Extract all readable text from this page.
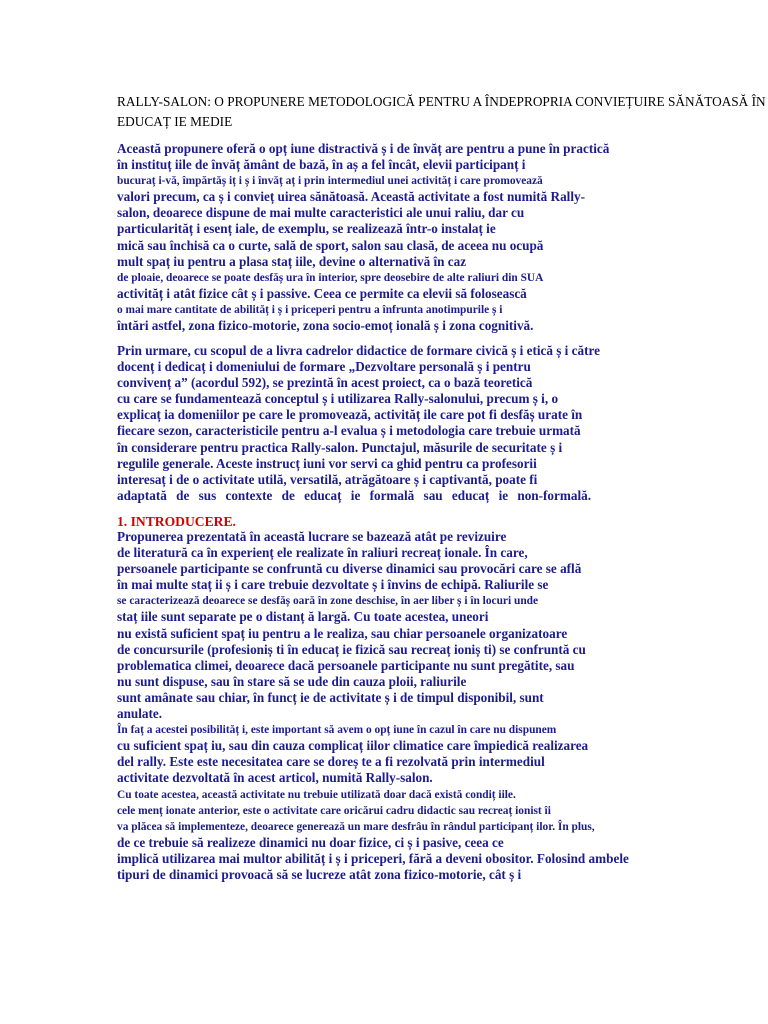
RALLY-SALON: O PROPUNERE METODOLOGICĂ PENTRU A ÎNDEPROPRIA CONVIEȚUIRE SĂNĂTOASĂ ÎN
EDUCAȚ IE MEDIE
Această propunere oferă o opț iune distractivă ș i de învăț are pentru a pune în practică
în instituț iile de învăț ământ de bază, în aș a fel încât, elevii participanț i
bucuraț i-vă, împărtăș iț i ș i învăț aț i prin intermediul unei activităț i care promovează
valori precum, ca ș i convieț uirea sănătoasă. Această activitate a fost numită Rally-
salon, deoarece dispune de mai multe caracteristici ale unui raliu, dar cu
particularităț i esenț iale, de exemplu, se realizează într-o instalaț ie
mică sau închisă ca o curte, sală de sport, salon sau clasă, de aceea nu ocupă
mult spaț iu pentru a plasa staț iile, devine o alternativă în caz
de ploaie, deoarece se poate desfăș ura în interior, spre deosebire de alte raliuri din SUA
activităț i atât fizice cât ș i passive. Ceea ce permite ca elevii să folosească
o mai mare cantitate de abilităț i ș i priceperi pentru a înfrunta anotimpurile ș i
întări astfel, zona fizico-motorie, zona socio-emoț ională ș i zona cognitivă.
Prin urmare, cu scopul de a livra cadrelor didactice de formare civică ș i etică ș i către
docenț i dedicaț i domeniului de formare „Dezvoltare personală ș i pentru
convivenț a” (acordul 592), se prezintă în acest proiect, ca o bază teoretică
cu care se fundamentează conceptul ș i utilizarea Rally-salonului, precum ș i, o
explicaț ia domeniilor pe care le promovează, activităț ile care pot fi desfăș urate în
fiecare sezon, caracteristicile pentru a-l evalua ș i metodologia care trebuie urmată
în considerare pentru practica Rally-salon. Punctajul, măsurile de securitate ș i
regulile generale. Aceste instrucț iuni vor servi ca ghid pentru ca profesorii
interesaț i de o activitate utilă, versatilă, atrăgătoare ș i captivantă, poate fi
adaptată de sus contexte de educaț ie formală sau educaț ie non-formală.
1. INTRODUCERE.
Propunerea prezentată în această lucrare se bazează atât pe revizuire
de literatură ca în experienț ele realizate în raliuri recreaț ionale. În care,
persoanele participante se confruntă cu diverse dinamici sau provocări care se află
în mai multe staț ii ș i care trebuie dezvoltate ș i învins de echipă. Raliurile se
se caracterizează deoarece se desfăș oară în zone deschise, în aer liber ș i în locuri unde
staț iile sunt separate pe o distanț ă largă. Cu toate acestea, uneori
nu există suficient spaț iu pentru a le realiza, sau chiar persoanele organizatoare
de concursurile (profesioniș ti în educaț ie fizică sau recreaț ioniș ti) se confruntă cu
problematica climei, deoarece dacă persoanele participante nu sunt pregătite, sau
nu sunt dispuse, sau în stare să se ude din cauza ploii, raliurile
sunt amânate sau chiar, în funcț ie de activitate ș i de timpul disponibil, sunt
anulate.
În faț a acestei posibilităț i, este important să avem o opț iune în cazul în care nu dispunem
cu suficient spaț iu, sau din cauza complicaț iilor climatice care împiedică realizarea
del rally. Este este necesitatea care se doreș te a fi rezolvată prin intermediul
activitate dezvoltată în acest articol, numită Rally-salon.
Cu toate acestea, această activitate nu trebuie utilizată doar dacă există condiț iile.
cele menț ionate anterior, este o activitate care oricărui cadru didactic sau recreaț ionist îi
va plăcea să implementeze, deoarece generează un mare desfrâu în rândul participanț ilor. În plus,
de ce trebuie să realizeze dinamici nu doar fizice, ci ș i pasive, ceea ce
implică utilizarea mai multor abilităț i ș i priceperi, fără a deveni obositor. Folosind ambele
tipuri de dinamici provoacă să se lucreze atât zona fizico-motorie, cât ș i
